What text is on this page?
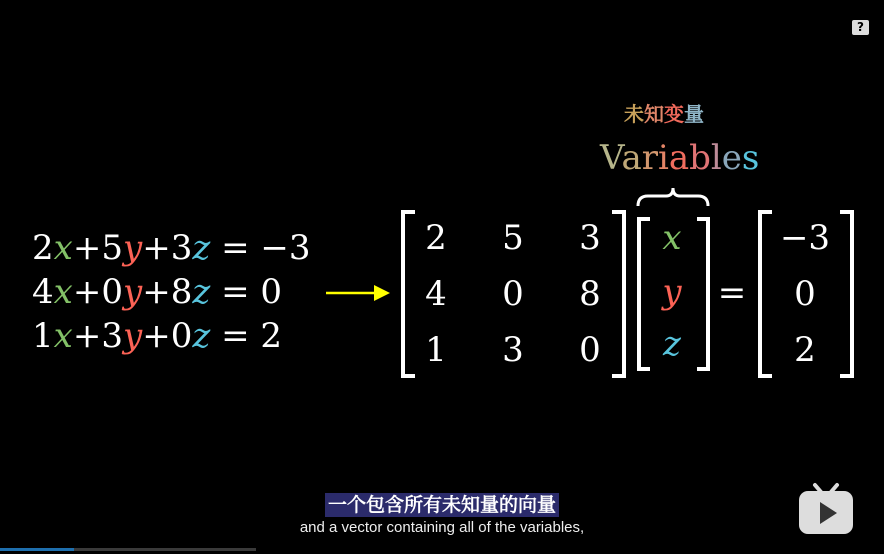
?
未知变量
Variables
2x+5y+3z = −3
4x+0y+8z = 0
1x+3y+0z = 2
2	5	3
4	0	8
1	3	0
x
y
z
=
−3
0
2
一个包含所有未知量的向量
and a vector containing all of the variables,
